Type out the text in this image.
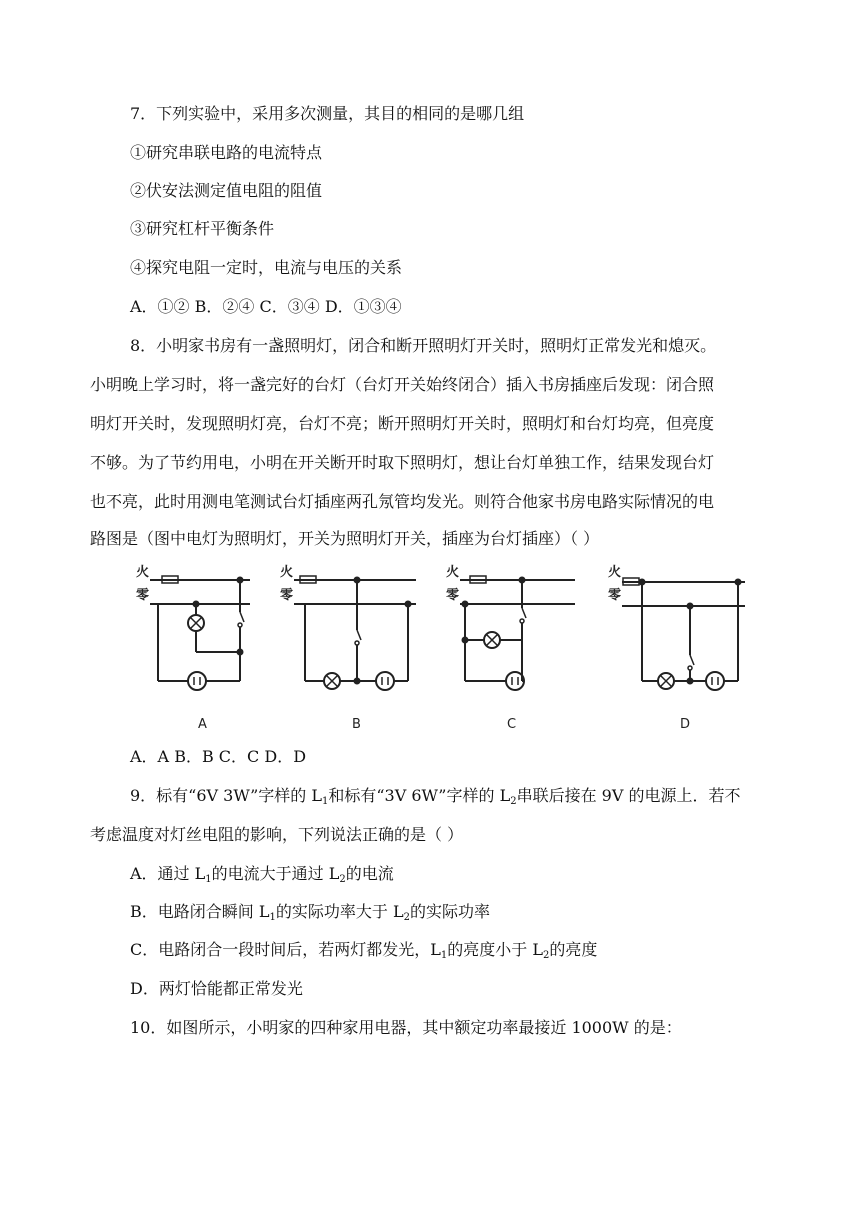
7．下列实验中，采用多次测量，其目的相同的是哪几组
①研究串联电路的电流特点
②伏安法测定值电阻的阻值
③研究杠杆平衡条件
④探究电阻一定时，电流与电压的关系
A．①② B．②④ C．③④ D．①③④
8．小明家书房有一盏照明灯，闭合和断开照明灯开关时，照明灯正常发光和熄灭。
小明晚上学习时，将一盏完好的台灯（台灯开关始终闭合）插入书房插座后发现：闭合照
明灯开关时，发现照明灯亮，台灯不亮；断开照明灯开关时，照明灯和台灯均亮，但亮度
不够。为了节约用电，小明在开关断开时取下照明灯，想让台灯单独工作，结果发现台灯
也不亮，此时用测电笔测试台灯插座两孔氖管均发光。则符合他家书房电路实际情况的电
路图是（图中电灯为照明灯，开关为照明灯开关，插座为台灯插座）（ ）
火
零
A
火
零
B
火
零
C
火
零
D
A．A B．B C．C D．D
9．标有“6V 3W”字样的 $L_1$和标有“3V 6W”字样的 $L_2$串联后接在 9V 的电源上．若不
考虑温度对灯丝电阻的影响，下列说法正确的是（ ）
A．通过 $L_1$的电流大于通过 $L_2$的电流
B．电路闭合瞬间 $L_1$的实际功率大于 $L_2$的实际功率
C．电路闭合一段时间后，若两灯都发光，$L_1$的亮度小于 $L_2$的亮度
D．两灯恰能都正常发光
10．如图所示，小明家的四种家用电器，其中额定功率最接近 1000W 的是：
